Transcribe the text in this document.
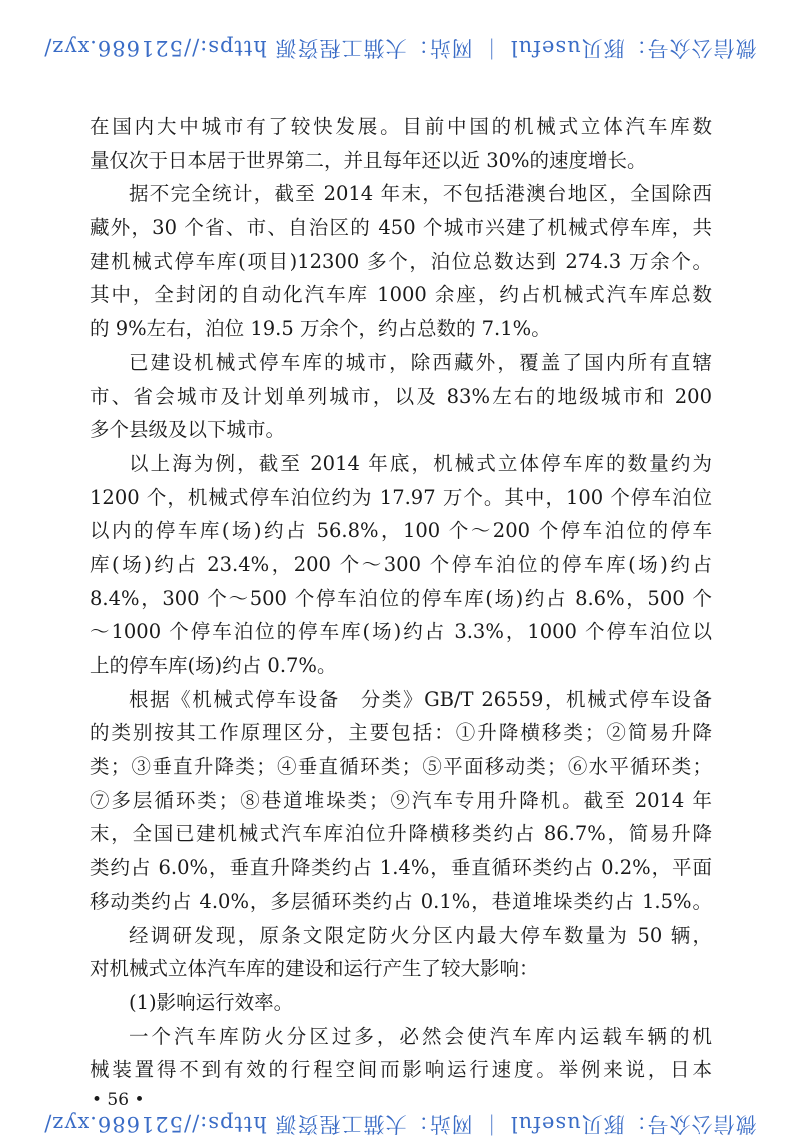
微信公众号：豚贝useful ｜ 网站：大猫工程资源 https://521686.xyz/
在国内大中城市有了较快发展。目前中国的机械式立体汽车库数
量仅次于日本居于世界第二，并且每年还以近 30%的速度增长。
据不完全统计，截至 2014 年末，不包括港澳台地区，全国除西
藏外，30 个省、市、自治区的 450 个城市兴建了机械式停车库，共
建机械式停车库(项目)12300 多个，泊位总数达到 274.3 万余个。
其中，全封闭的自动化汽车库 1000 余座，约占机械式汽车库总数
的 9%左右，泊位 19.5 万余个，约占总数的 7.1%。
已建设机械式停车库的城市，除西藏外，覆盖了国内所有直辖
市、省会城市及计划单列城市，以及 83%左右的地级城市和 200
多个县级及以下城市。
以上海为例，截至 2014 年底，机械式立体停车库的数量约为
1200 个，机械式停车泊位约为 17.97 万个。其中，100 个停车泊位
以内的停车库(场)约占 56.8%，100 个～200 个停车泊位的停车
库(场)约占 23.4%，200 个～300 个停车泊位的停车库(场)约占
8.4%，300 个～500 个停车泊位的停车库(场)约占 8.6%，500 个
～1000 个停车泊位的停车库(场)约占 3.3%，1000 个停车泊位以
上的停车库(场)约占 0.7%。
根据《机械式停车设备　分类》GB/T 26559，机械式停车设备
的类别按其工作原理区分，主要包括：①升降横移类；②简易升降
类；③垂直升降类；④垂直循环类；⑤平面移动类；⑥水平循环类；
⑦多层循环类；⑧巷道堆垛类；⑨汽车专用升降机。截至 2014 年
末，全国已建机械式汽车库泊位升降横移类约占 86.7%，简易升降
类约占 6.0%，垂直升降类约占 1.4%，垂直循环类约占 0.2%，平面
移动类约占 4.0%，多层循环类约占 0.1%，巷道堆垛类约占 1.5%。
经调研发现，原条文限定防火分区内最大停车数量为 50 辆，
对机械式立体汽车库的建设和运行产生了较大影响：
(1)影响运行效率。
一个汽车库防火分区过多，必然会使汽车库内运载车辆的机
械装置得不到有效的行程空间而影响运行速度。举例来说，日本
• 56 •
微信公众号：豚贝useful ｜ 网站：大猫工程资源 https://521686.xyz/
